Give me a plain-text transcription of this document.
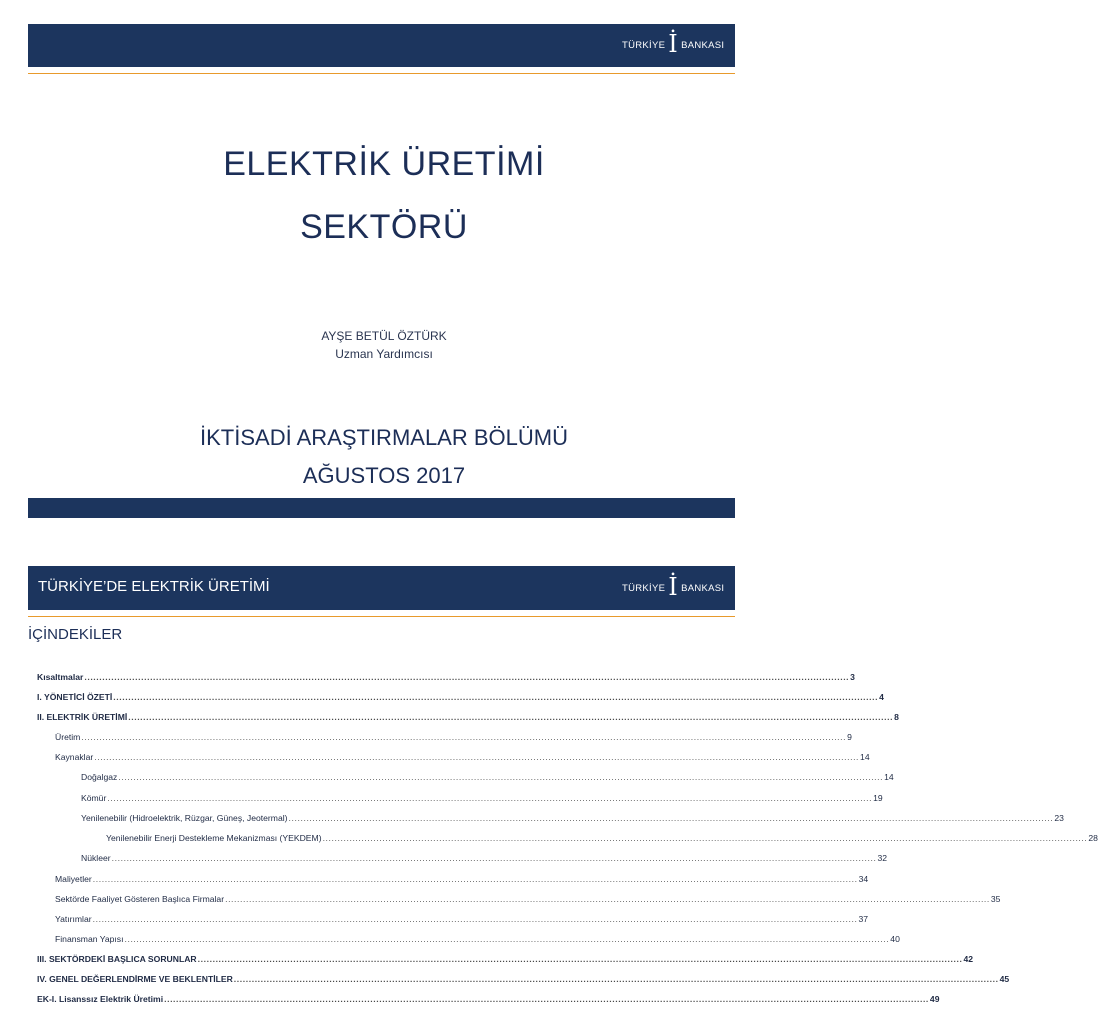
TÜRKİYE İ BANKASI
ELEKTRİK ÜRETİMİ
SEKTÖRÜ
AYŞE BETÜL ÖZTÜRK
Uzman Yardımcısı
İKTİSADİ ARAŞTIRMALAR BÖLÜMÜ
AĞUSTOS 2017
TÜRKİYE’DE ELEKTRİK ÜRETİMİ	TÜRKİYE İ BANKASI
İÇİNDEKİLER
Kısaltmalar ................................................................................................................................................................................................................................................................ 3
I. YÖNETİCİ ÖZETİ ................................................................................................................................................................................................................................................................ 4
II. ELEKTRİK ÜRETİMİ ................................................................................................................................................................................................................................................................ 8
Üretim ................................................................................................................................................................................................................................................................ 9
Kaynaklar ................................................................................................................................................................................................................................................................ 14
Doğalgaz ................................................................................................................................................................................................................................................................ 14
Kömür ................................................................................................................................................................................................................................................................ 19
Yenilenebilir (Hidroelektrik, Rüzgar, Güneş, Jeotermal) ................................................................................................................................................................................................................................................................ 23
Yenilenebilir Enerji Destekleme Mekanizması (YEKDEM) ................................................................................................................................................................................................................................................................ 28
Nükleer ................................................................................................................................................................................................................................................................ 32
Maliyetler ................................................................................................................................................................................................................................................................ 34
Sektörde Faaliyet Gösteren Başlıca Firmalar ................................................................................................................................................................................................................................................................ 35
Yatırımlar ................................................................................................................................................................................................................................................................ 37
Finansman Yapısı ................................................................................................................................................................................................................................................................ 40
III. SEKTÖRDEKİ BAŞLICA SORUNLAR ................................................................................................................................................................................................................................................................ 42
IV. GENEL DEĞERLENDİRME VE BEKLENTİLER ................................................................................................................................................................................................................................................................ 45
EK-I. Lisanssız Elektrik Üretimi ................................................................................................................................................................................................................................................................ 49
